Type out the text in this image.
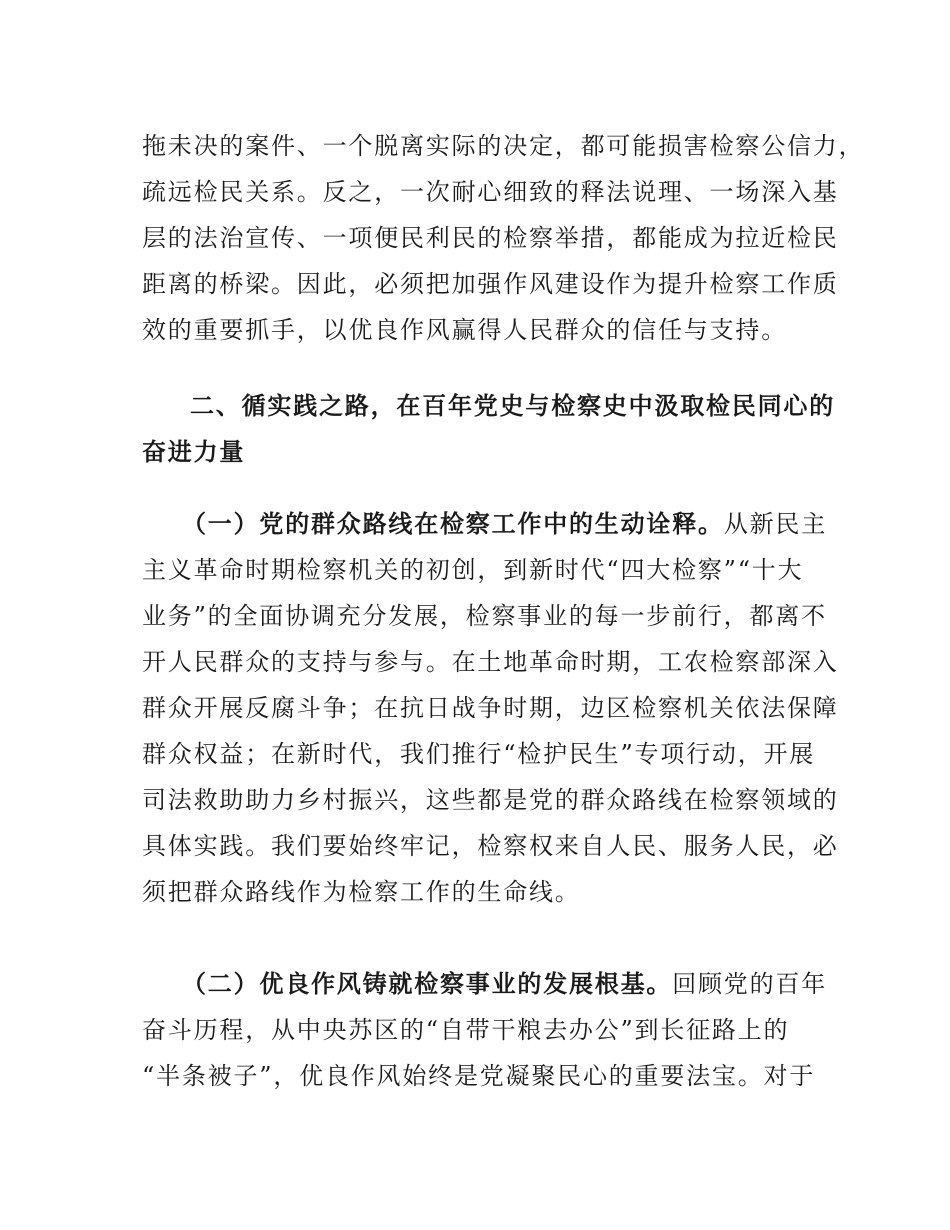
拖未决的案件、一个脱离实际的决定，都可能损害检察公信力，
疏远检民关系。反之，一次耐心细致的释法说理、一场深入基
层的法治宣传、一项便民利民的检察举措，都能成为拉近检民
距离的桥梁。因此，必须把加强作风建设作为提升检察工作质
效的重要抓手，以优良作风赢得人民群众的信任与支持。
二、循实践之路，在百年党史与检察史中汲取检民同心的
奋进力量
（一）党的群众路线在检察工作中的生动诠释。从新民主
主义革命时期检察机关的初创，到新时代“四大检察”“十大
业务”的全面协调充分发展，检察事业的每一步前行，都离不
开人民群众的支持与参与。在土地革命时期，工农检察部深入
群众开展反腐斗争；在抗日战争时期，边区检察机关依法保障
群众权益；在新时代，我们推行“检护民生”专项行动，开展
司法救助助力乡村振兴，这些都是党的群众路线在检察领域的
具体实践。我们要始终牢记，检察权来自人民、服务人民，必
须把群众路线作为检察工作的生命线。
（二）优良作风铸就检察事业的发展根基。回顾党的百年
奋斗历程，从中央苏区的“自带干粮去办公”到长征路上的
“半条被子”，优良作风始终是党凝聚民心的重要法宝。对于
